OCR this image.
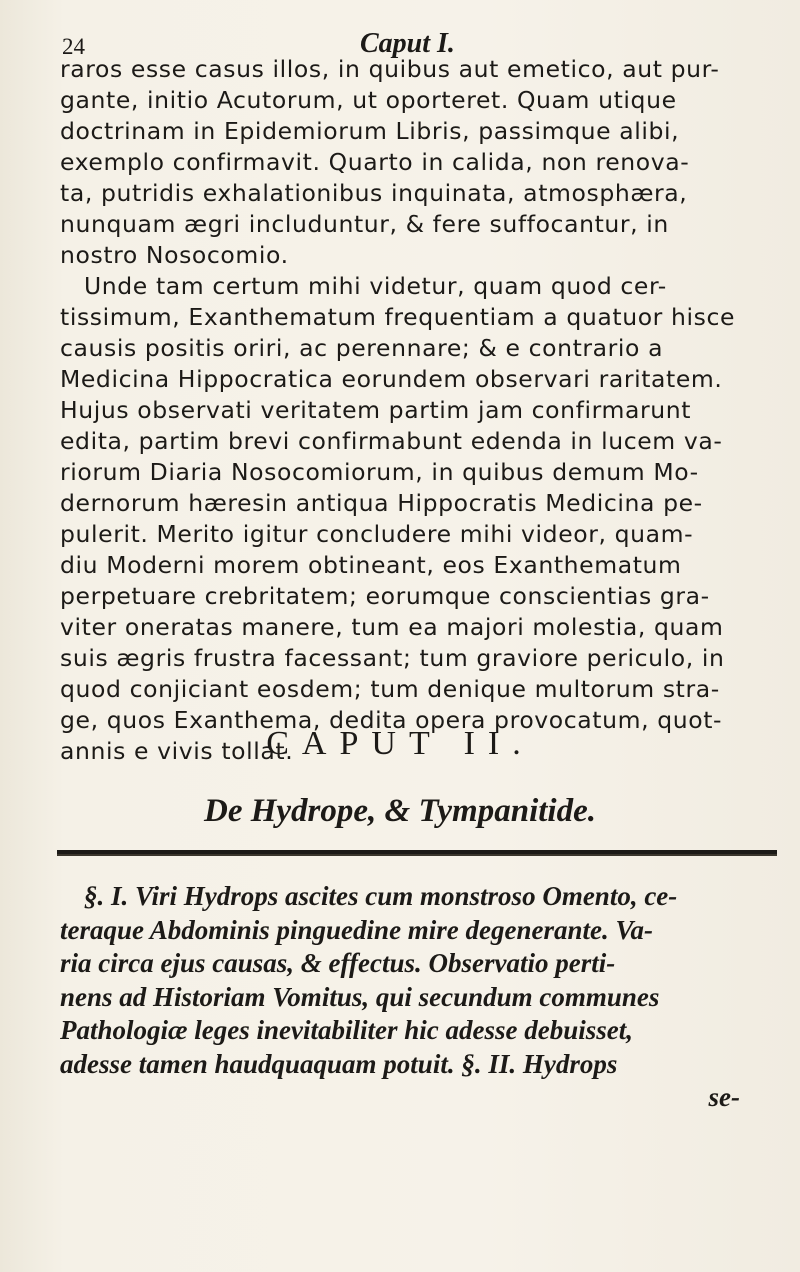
24	Caput I.
raros esse casus illos, in quibus aut emetico, aut pur-
gante, initio Acutorum, ut oporteret. Quam utique
doctrinam in Epidemiorum Libris, passimque alibi,
exemplo confirmavit. Quarto in calida, non renova-
ta, putridis exhalationibus inquinata, atmosphæra,
nunquam ægri includuntur, & fere suffocantur, in
nostro Nosocomio.
Unde tam certum mihi videtur, quam quod cer-
tissimum, Exanthematum frequentiam a quatuor hisce
causis positis oriri, ac perennare; & e contrario a
Medicina Hippocratica eorundem observari raritatem.
Hujus observati veritatem partim jam confirmarunt
edita, partim brevi confirmabunt edenda in lucem va-
riorum Diaria Nosocomiorum, in quibus demum Mo-
dernorum hæresin antiqua Hippocratis Medicina pe-
pulerit. Merito igitur concludere mihi videor, quam-
diu Moderni morem obtineant, eos Exanthematum
perpetuare crebritatem; eorumque conscientias gra-
viter oneratas manere, tum ea majori molestia, quam
suis ægris frustra facessant; tum graviore periculo, in
quod conjiciant eosdem; tum denique multorum stra-
ge, quos Exanthema, dedita opera provocatum, quot-
annis e vivis tollat.
CAPUT II.
De Hydrope, & Tympanitide.
§. I. Viri Hydrops ascites cum monstroso Omento, ce-
teraque Abdominis pinguedine mire degenerante. Va-
ria circa ejus causas, & effectus. Observatio perti-
nens ad Historiam Vomitus, qui secundum communes
Pathologiæ leges inevitabiliter hic adesse debuisset,
adesse tamen haudquaquam potuit. §. II. Hydrops
se-
